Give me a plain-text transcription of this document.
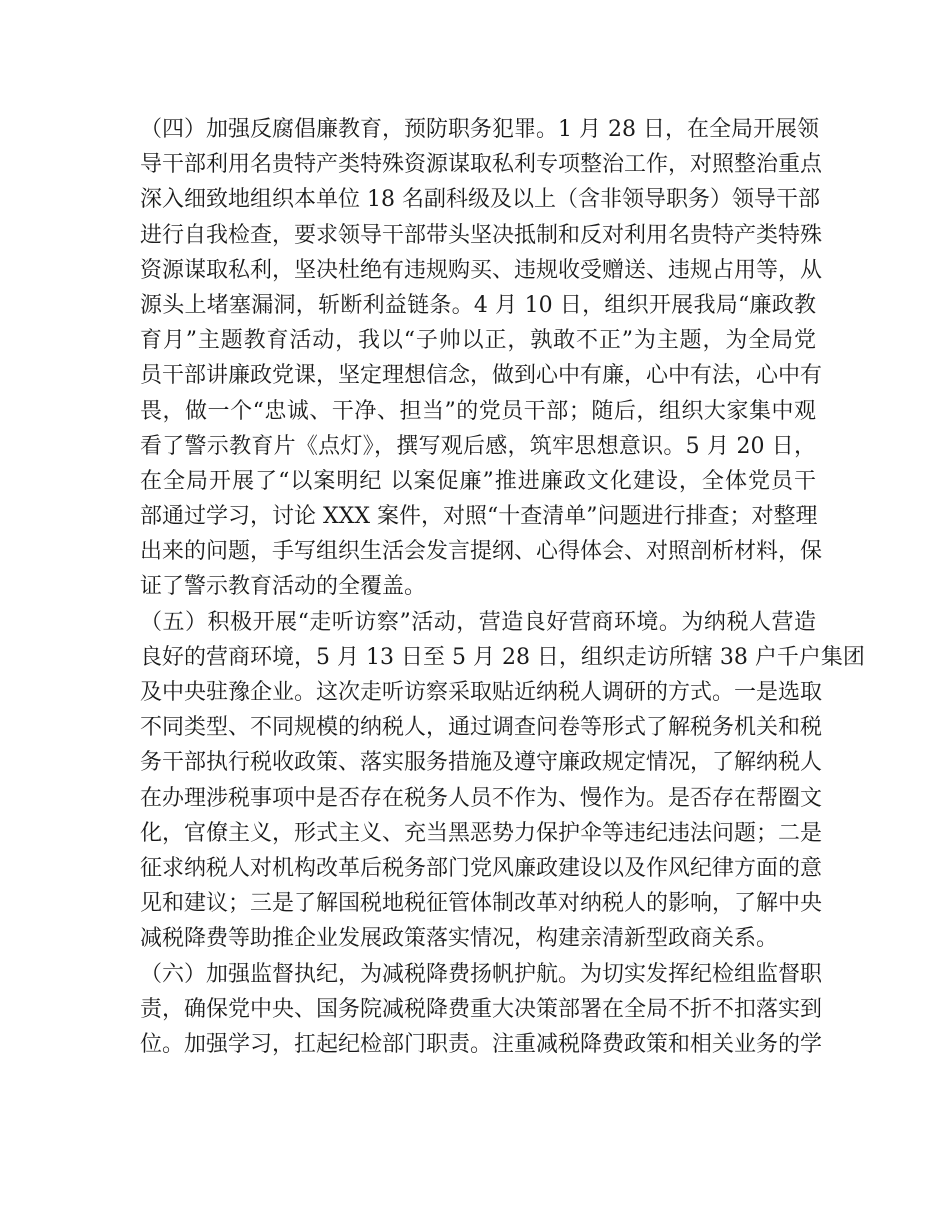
（四）加强反腐倡廉教育，预防职务犯罪。1 月 28 日，在全局开展领
导干部利用名贵特产类特殊资源谋取私利专项整治工作，对照整治重点
深入细致地组织本单位 18 名副科级及以上（含非领导职务）领导干部
进行自我检查，要求领导干部带头坚决抵制和反对利用名贵特产类特殊
资源谋取私利，坚决杜绝有违规购买、违规收受赠送、违规占用等，从
源头上堵塞漏洞，斩断利益链条。4 月 10 日，组织开展我局“廉政教
育月”主题教育活动，我以“子帅以正，孰敢不正”为主题，为全局党
员干部讲廉政党课，坚定理想信念，做到心中有廉，心中有法，心中有
畏，做一个“忠诚、干净、担当”的党员干部；随后，组织大家集中观
看了警示教育片《点灯》，撰写观后感，筑牢思想意识。5 月 20 日，
在全局开展了“以案明纪 以案促廉”推进廉政文化建设，全体党员干
部通过学习，讨论 XXX 案件，对照“十查清单”问题进行排查；对整理
出来的问题，手写组织生活会发言提纲、心得体会、对照剖析材料，保
证了警示教育活动的全覆盖。
（五）积极开展“走听访察”活动，营造良好营商环境。为纳税人营造
良好的营商环境，5 月 13 日至 5 月 28 日，组织走访所辖 38 户千户集团
及中央驻豫企业。这次走听访察采取贴近纳税人调研的方式。一是选取
不同类型、不同规模的纳税人，通过调查问卷等形式了解税务机关和税
务干部执行税收政策、落实服务措施及遵守廉政规定情况，了解纳税人
在办理涉税事项中是否存在税务人员不作为、慢作为。是否存在帮圈文
化，官僚主义，形式主义、充当黑恶势力保护伞等违纪违法问题；二是
征求纳税人对机构改革后税务部门党风廉政建设以及作风纪律方面的意
见和建议；三是了解国税地税征管体制改革对纳税人的影响，了解中央
减税降费等助推企业发展政策落实情况，构建亲清新型政商关系。
（六）加强监督执纪，为减税降费扬帆护航。为切实发挥纪检组监督职
责，确保党中央、国务院减税降费重大决策部署在全局不折不扣落实到
位。加强学习，扛起纪检部门职责。注重减税降费政策和相关业务的学
